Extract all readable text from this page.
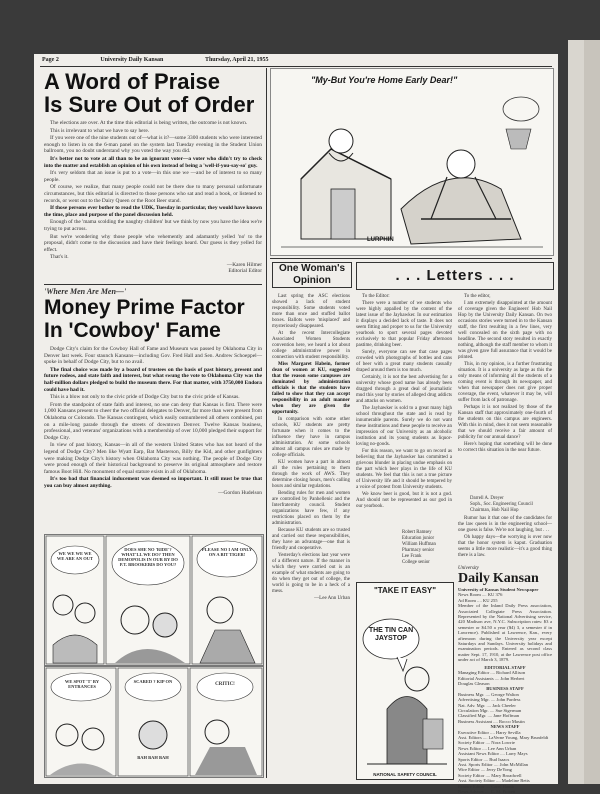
Page 2	University Daily Kansan	Thursday, April 21, 1955
A Word of Praise
Is Sure Out of Order

The elections are over. At the time this editorial is being written, the outcome is not known.

This is irrelevant to what we have to say here.

If you were one of the nine students out of—what is it?—some 3300 students who were interested enough to listen in on the 6-man panel on the system last Tuesday evening in the Student Union ballroom, you no doubt understand why you voted the way you did.

It's better not to vote at all than to be an ignorant voter—a voter who didn't try to check into the matter and establish an opinion of his own instead of being a 'well-if-you-say-so' guy.

It's very seldom that an issue is put to a vote—in this one we —and be of interest to so many people.

Of course, we realize, that many people could not be there due to many personal unfortunate circumstances, but this editorial is directed to those persons who sat and read a book, or listened to records, or went out to the Dairy Queen or the Root Beer stand.

If those persons ever bother to read the UDK, Tuesday in particular, they would have known the time, place and purpose of the panel discussion held.

Enough of the 'mama scolding the naughty children' but we think by now you have the idea we're trying to put across.

But we're wondering why those people who vehemently and adamantly yelled 'no' to the proposal, didn't come to the discussion and have their feelings heard. Our guess is they yelled for effect.

That's it.

—Karen Hilmer
Editorial Editor
'Where Men Are Men—'
Money Prime Factor
In 'Cowboy' Fame

Dodge City's claim for the Cowboy Hall of Fame and Museum was passed by Oklahoma City in Denver last week. Four staunch Kansans—including Gov. Fred Hall and Sen. Andrew Schoeppel—spoke in behalf of Dodge City, but to no avail.

The final choice was made by a board of trustees on the basis of past history, present and future rodeos, and state faith and interest, but what swung the vote to Oklahoma City was the half-million dollars pledged to build the museum there. For that matter, with 3750,000 Endora could have had it.

This is a blow not only to the civic pride of Dodge City but to the civic pride of Kansas.

From the standpoint of state faith and interest, no one can deny that Kansas is first. There were 1,000 Kansans present to cheer the two official delegates to Denver, far more than were present from Oklahoma or Colorado. The Kansas contingent, which easily outnumbered all others combined, put on a mile-long parade through the streets of downtown Denver. Twelve Kansas business, professional, and veterans' organizations with a membership of over 10,000 pledged their support for Dodge City.

In view of past history, Kansas—in all of the western United States who has not heard of the legend of Dodge City? Men like Wyatt Earp, Bat Masterson, Billy the Kid, and other gunfighters were making Dodge City's history when Oklahoma City was nothing. The people of Dodge City were proud enough of their historical background to preserve its original atmosphere and restore famous Boot Hill. No monument of equal stature exists in all of Oklahoma.

It's too bad that financial inducement was deemed so important. It still must be true that you can buy almost anything.

—Gordon Hudelson
WE WE WE WE WE ARE AN OUT
DOES SHE NO 'RIDE'? WHAT'LL WE DO? THEN DEMOPOLIS IN OUR BY DO P.T. BROOKEBIS DO YOU?
PLEASE NO I AM ONLY ON A BIT TIGER!
WE SPOT 'T' BY ENTRANCES
SCARED ? KIP ON
BAH BAH BAH
CRITIC!
"My-But You're Home Early Dear!"
LURPHIN
One Woman's
Opinion

Last spring the ASC elections showed a lack of student responsibility. Some students voted more than once and stuffed ballot boxes. Ballots were 'misplaced' and mysteriously disappeared.

At the recent Intercollegiate Associated Women Students convention here, we heard a lot about college administrative power in connection with student responsibility.

Miss Margaret Habein, former dean of women at KU, suggested that the reason some campuses are dominated by administration officials is that the students have failed to show that they can accept responsibility in an adult manner when they are given the opportunity.

In comparison with some other schools, KU students are pretty fortunate when it comes to the influence they have in campus administration. At some schools almost all campus rules are made by college officials.

KU women have a part in almost all the rules pertaining to them through the work of AWS. They determine closing hours, men's calling hours and similar regulations.

Bending rules for men and women are controlled by Panhellenic and the Interfraternity council. Student organizations have few, if any restrictions placed on them by the administration.

Because KU students are so trusted and carried out these responsibilities, they have an advantage—one that is friendly and cooperative.

Yesterday's elections last year were of a different nature. If the manner in which they were carried out is an example of what students are going to do when they get out of college, the world is going to be in a heck of a mess.

—Lee Ann Urban
. . . Letters . . .

To the Editor:

There were a number of we students who were highly appalled by the content of the latest issue of the Jayhawker. In our estimation it displays a decided lack of taste. It does not seem fitting and proper to us for the University yearbook to sport several pages devoted exclusively to that popular Friday afternoon pastime, drinking beer.

Surely, everyone can see that case pages crowded with photographs of bottles and cans of beer with a great many students casually draped around them is too much.

Certainly, it is not the best advertising for a university whose good name has already been dragged through a great deal of journalistic mud this year by stories of alleged drug addicts and attacks on women.

The Jayhawker is sold to a great many high school throughout the state and is read by innumerable parents. Surely we do not want these institutions and these people to receive an impression of our University as an alcoholic institution and its young students as liquor-loving no-goods.

For this reason, we want to go on record as believing that the Jayhawker has committed a grievous blunder in placing undue emphasis on the part which beer plays in the life of KU students. We feel that this is not a true picture of University life and it should be tempered by a voice of protest from University students.

We know beer is good, but it is not a god. And should not be represented as our god in our yearbook.

Robert Ramsey
Education junior
William Huffman
Pharmacy senior
Lee Frank
College senior

To the editor,

I am extremely disappointed at the amount of coverage given the Engineers' Hob Nail Hop by the University Daily Kansan. On two occasions stories were turned in to the Kansan staff, the first resulting in a few lines, very well concealed on the sixth page with no headline. The second story resulted in exactly nothing, although the staff member to whom it was given gave full assurance that it would be printed.

This, in my opinion, is a further frustrating situation. It is a university as large as this the only means of informing all the students of a coming event is through its newspaper, and when that newspaper does not give proper coverage, the event, whatever it may be, will suffer from lack of patronage.

Perhaps it is not realized by those of the Kansan staff that approximately one-fourth of the students on this campus are engineers. With this in mind, does it not seem reasonable that we should receive a fair amount of publicity for our annual dance?

Here's hoping that something will be done to correct this situation in the near future.

Darrell A. Dreyer
Soph., Soc. Engineering Council
Chairman, Hob Nail Hop

Rumor has it that one of the candidates for the law queen is in the engineering school—one guess is false. We're not laughing, but . . .

Oh happy days—the worrying is over now that the honor system is kaput. Graduation seems a little more realistic—it's a good thing there is a law.

"TAKE IT EASY"
THE TIN CAN JAYSTOP
NATIONAL SAFETY COUNCIL
University
Daily Kansan
University of Kansas Student Newspaper
News Room .... KU 376
Ad Room .... KU 255
Member of the Inland Daily Press association, Associated Collegiate Press Association. Represented by the National Advertising service, 420 Madison ave, N.Y.C. Subscription rates: $3 a semester or $4.50 a year ($4) 3, a semester if in Lawrence). Published at Lawrence, Kan., every afternoon during the University year except Saturdays and Sundays. University holidays and examination periods. Entered as second class matter Sept. 17, 1910, at the Lawrence post office under act of March 3, 1879.
EDITORIAL STAFF
Managing Editor .... Richard Allison
Editorial Assistants .... John Herbert
Douglas Gleason
BUSINESS STAFF
Business Mgr. .... George Walton
Advertising Mgr. .... John Pardess
Nat. Adv. Mgr. .... Jack Cheeler
Circulation Mgr. .... Sue Sigerman
Classified Mgr. .... Jane Hoffman
Business Assistant .... Rocco Mastin
NEWS STAFF
Executive Editor .... Harry Sevilla
Asst. Editors .... LaVerne Young, Mary Brunfeldt
Society Editor .... Nora Lowrie
News Editor .... Lee Ann Urban
Assistant News Editor .... Larry Mays
Sports Editor .... Bud Isaacs
Asst. Sports Editor .... John McMillan
Wire Editor .... Jerry DeYong
Society Editor .... Mary Broadwell
Asst. Society Editor .... Madeline Betts
Feature Editor .... Carol Hamb
News Adviser .... C. M. Pickett
